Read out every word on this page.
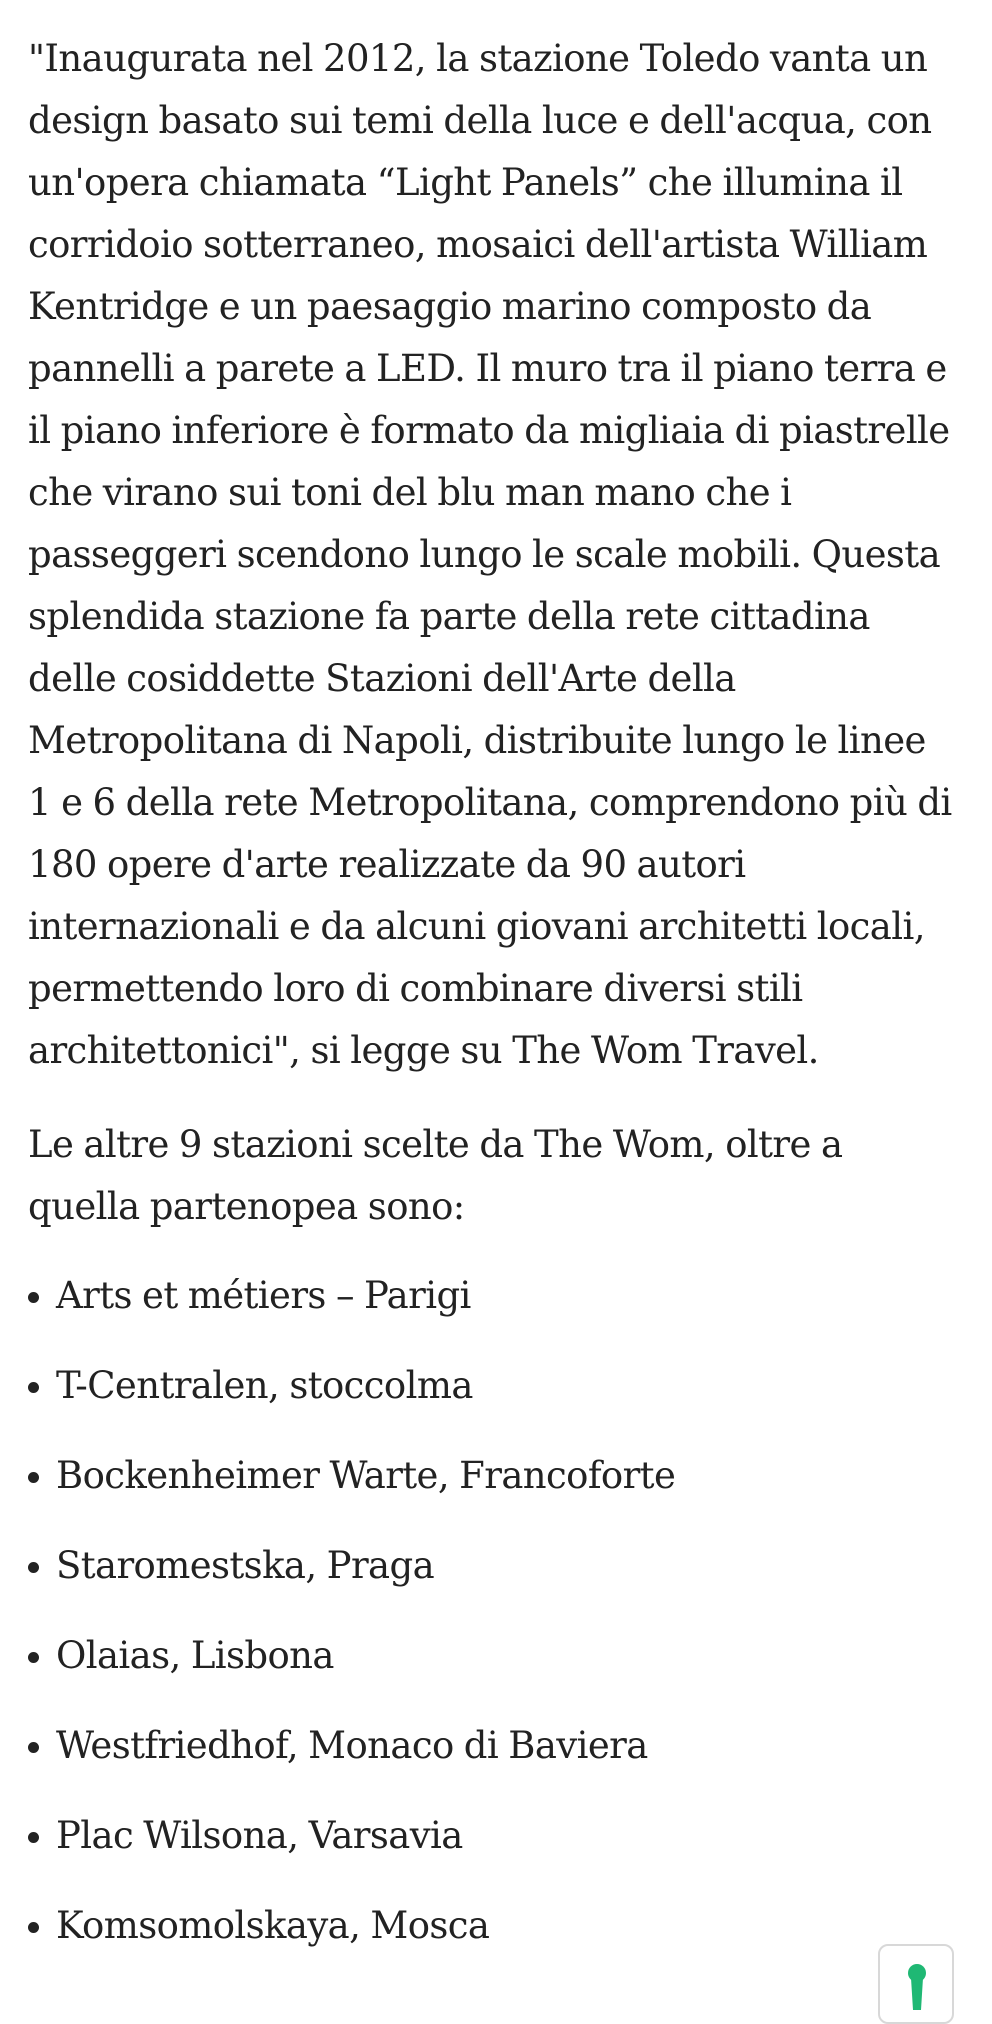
"Inaugurata nel 2012, la stazione Toledo vanta un
design basato sui temi della luce e dell'acqua, con
un'opera chiamata “Light Panels” che illumina il
corridoio sotterraneo, mosaici dell'artista William
Kentridge e un paesaggio marino composto da
pannelli a parete a LED. Il muro tra il piano terra e
il piano inferiore è formato da migliaia di piastrelle
che virano sui toni del blu man mano che i
passeggeri scendono lungo le scale mobili. Questa
splendida stazione fa parte della rete cittadina
delle cosiddette Stazioni dell'Arte della
Metropolitana di Napoli, distribuite lungo le linee
1 e 6 della rete Metropolitana, comprendono più di
180 opere d'arte realizzate da 90 autori
internazionali e da alcuni giovani architetti locali,
permettendo loro di combinare diversi stili
architettonici", si legge su The Wom Travel.

Le altre 9 stazioni scelte da The Wom, oltre a
quella partenopea sono:

Arts et métiers – Parigi
T-Centralen, stoccolma
Bockenheimer Warte, Francoforte
Staromestska, Praga
Olaias, Lisbona
Westfriedhof, Monaco di Baviera
Plac Wilsona, Varsavia
Komsomolskaya, Mosca
